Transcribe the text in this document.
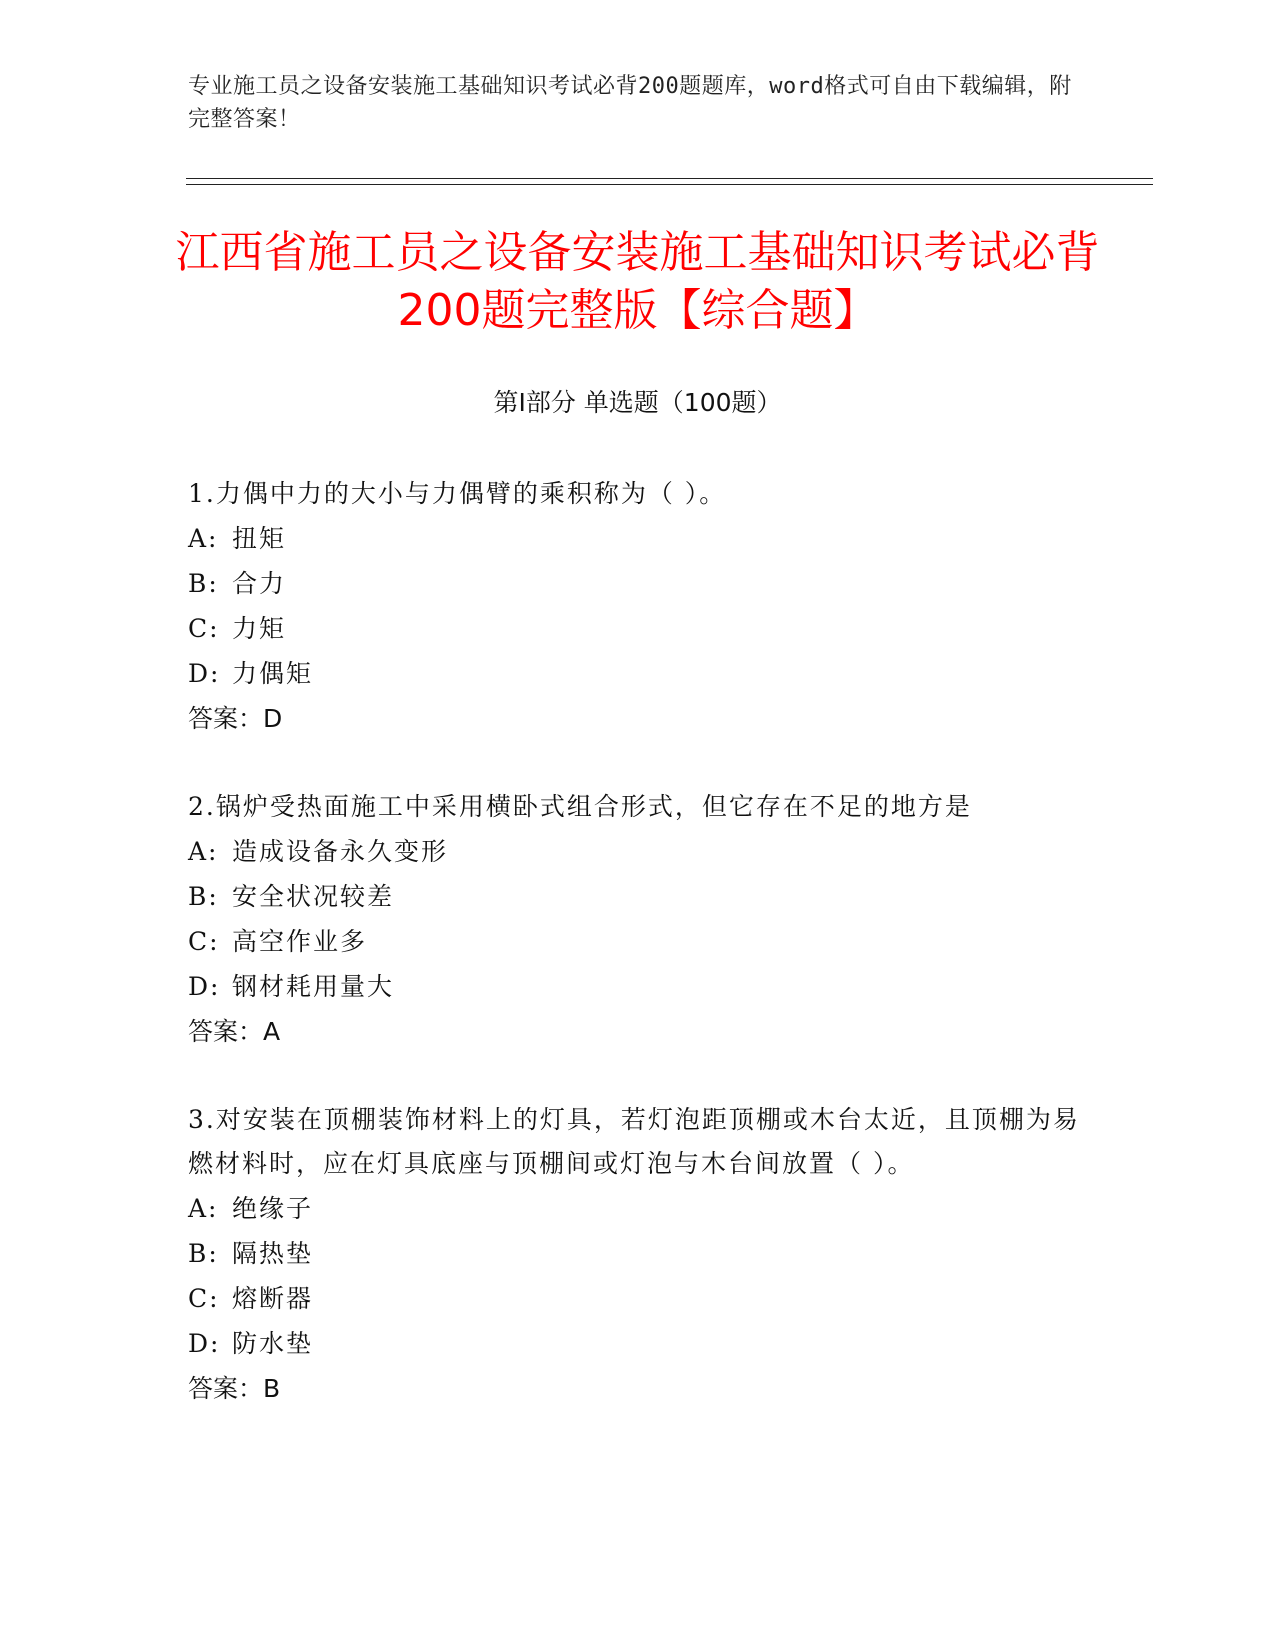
专业施工员之设备安装施工基础知识考试必背200题题库，word格式可自由下载编辑，附完整答案！
江西省施工员之设备安装施工基础知识考试必背200题完整版【综合题】
第Ⅰ部分 单选题（100题）
1.力偶中力的大小与力偶臂的乘积称为（ ）。
A: 扭矩
B: 合力
C: 力矩
D: 力偶矩
答案：D
2.锅炉受热面施工中采用横卧式组合形式，但它存在不足的地方是
A: 造成设备永久变形
B: 安全状况较差
C: 高空作业多
D: 钢材耗用量大
答案：A
3.对安装在顶棚装饰材料上的灯具，若灯泡距顶棚或木台太近，且顶棚为易燃材料时，应在灯具底座与顶棚间或灯泡与木台间放置（ ）。
A: 绝缘子
B: 隔热垫
C: 熔断器
D: 防水垫
答案：B
